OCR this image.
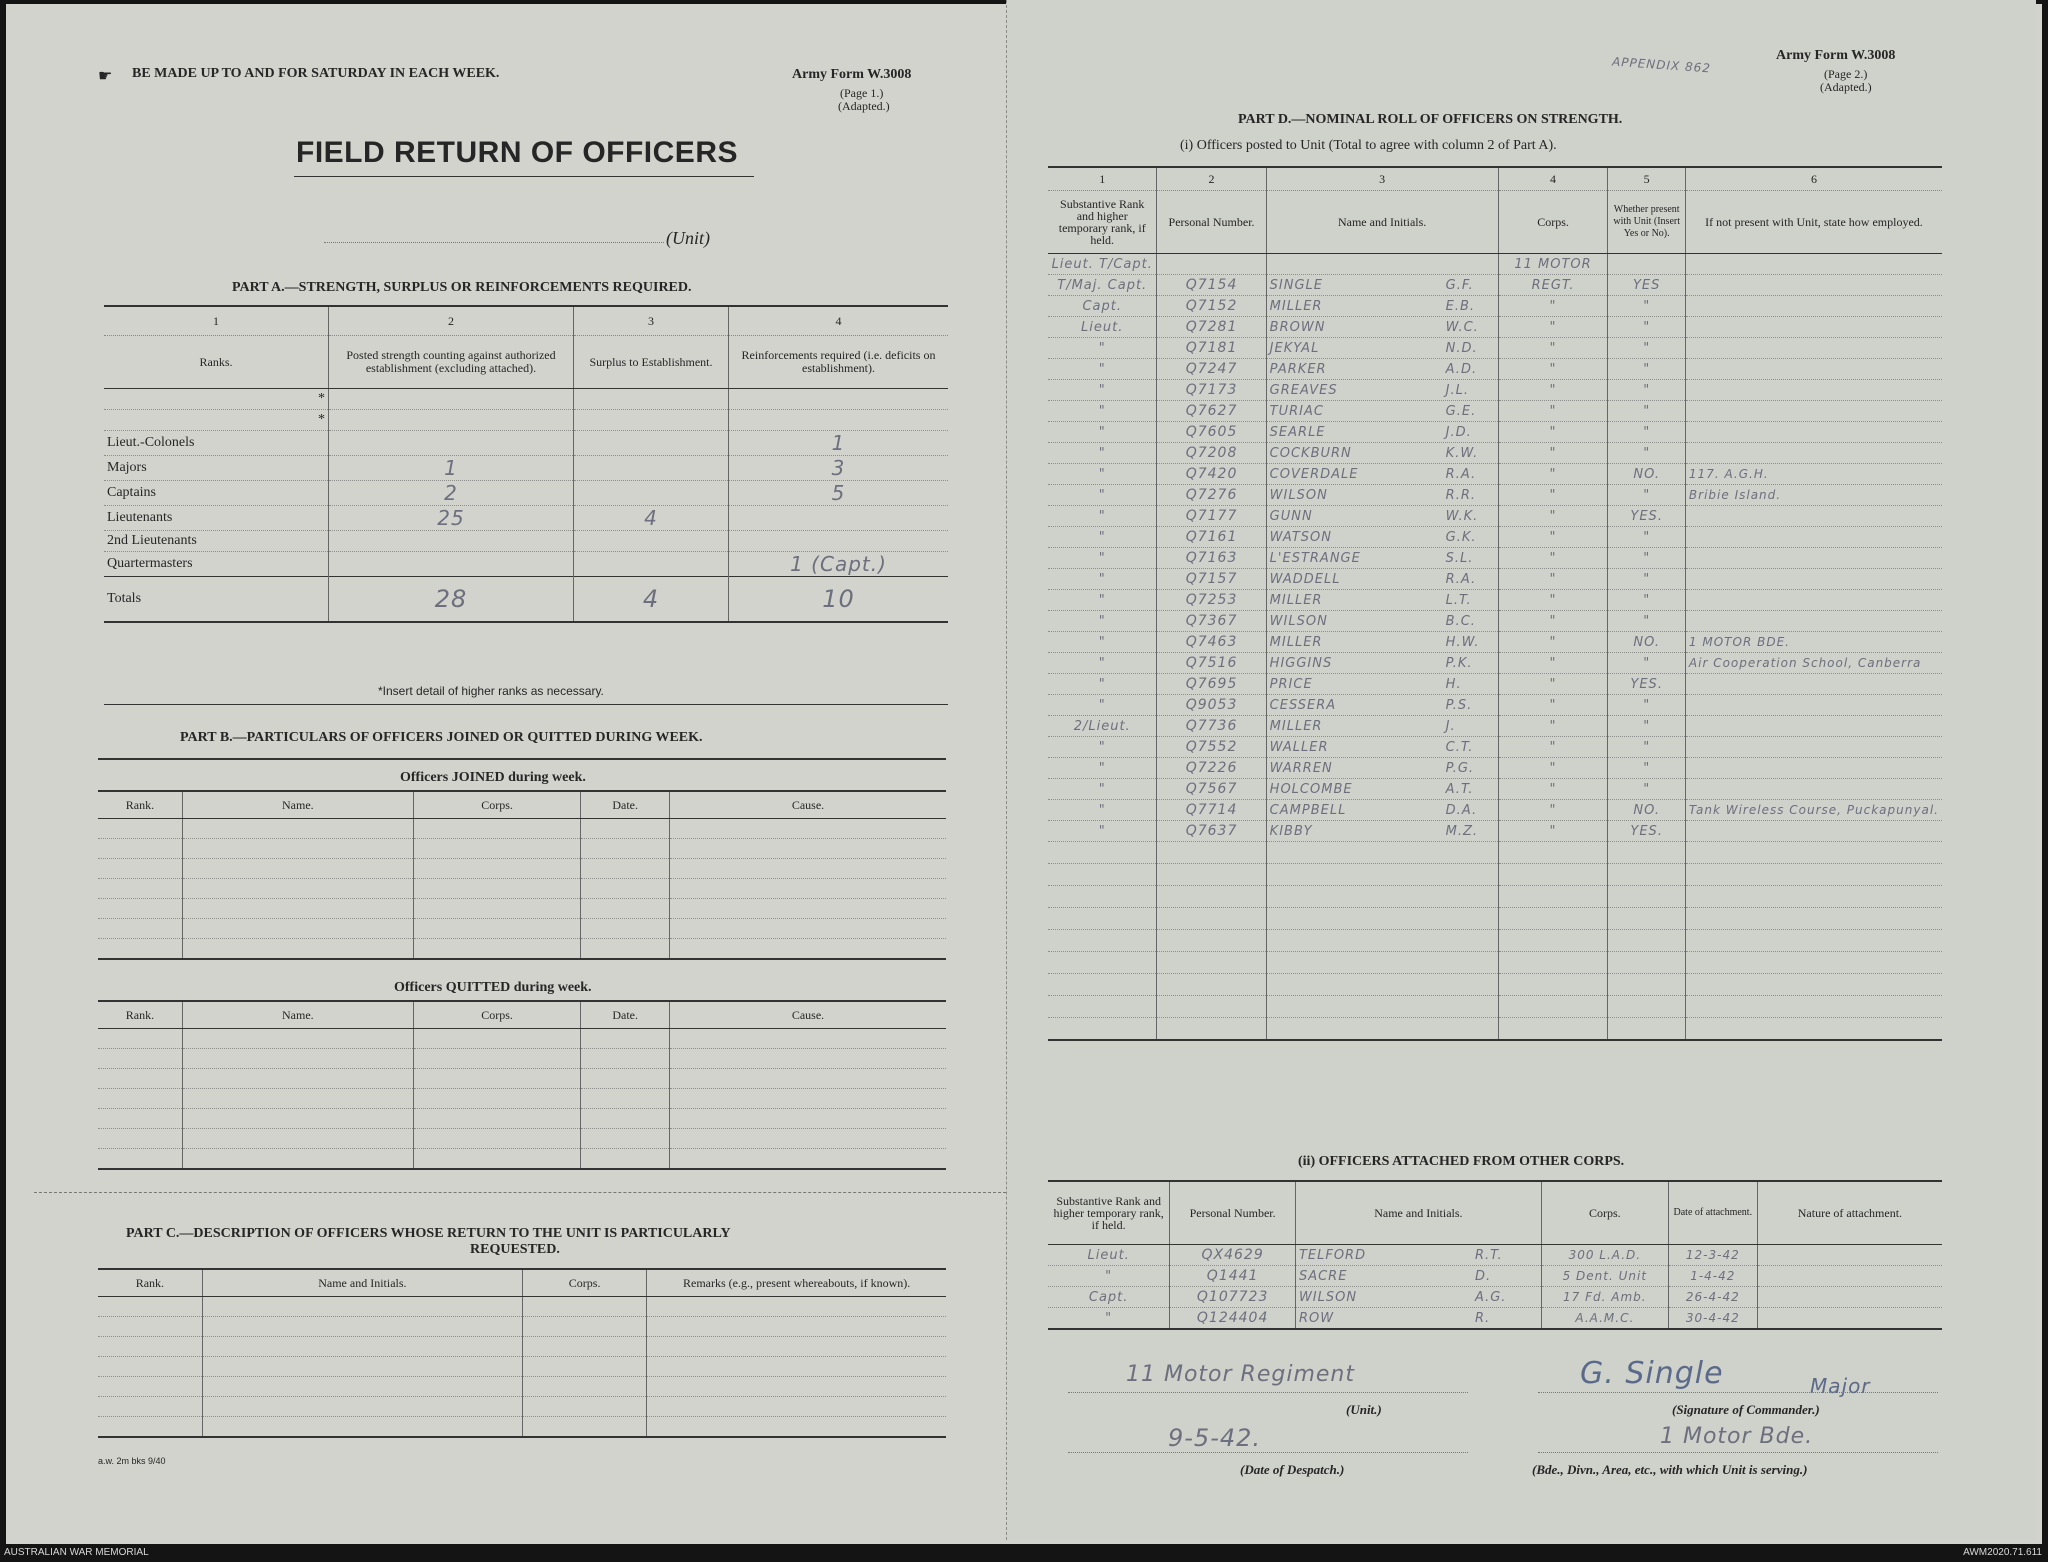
☛ BE MADE UP TO AND FOR SATURDAY IN EACH WEEK.	Army Form W.3008
(Page 1.)
(Adapted.)
FIELD RETURN OF OFFICERS
(Unit)
PART A.—STRENGTH, SURPLUS OR REINFORCEMENTS REQUIRED.
1	2	3	4
Ranks.	Posted strength counting against authorized establishment (excluding attached).	Surplus to Establishment.	Reinforcements required (i.e. deficits on establishment).
*			
*			
Lieut.-Colonels			1
Majors	1		3
Captains	2		5
Lieutenants	25	4	
2nd Lieutenants			
Quartermasters			1 (Capt.)
Totals	28	4	10
*Insert detail of higher ranks as necessary.
PART B.—PARTICULARS OF OFFICERS JOINED OR QUITTED DURING WEEK.
Officers JOINED during week.
Rank.	Name.	Corps.	Date.	Cause.

Officers QUITTED during week.
Rank.	Name.	Corps.	Date.	Cause.

PART C.—DESCRIPTION OF OFFICERS WHOSE RETURN TO THE UNIT IS PARTICULARLY
REQUESTED.
Rank.	Name and Initials.	Corps.	Remarks (e.g., present whereabouts, if known).

a.w. 2m bks 9/40
APPENDIX 862	Army Form W.3008
(Page 2.)
(Adapted.)
PART D.—NOMINAL ROLL OF OFFICERS ON STRENGTH.
(i) Officers posted to Unit (Total to agree with column 2 of Part A).
1	2	3	4	5	6
Substantive Rank and higher temporary rank, if held.	Personal Number.	Name and Initials.	Corps.	Whether present with Unit (Insert Yes or No).	If not present with Unit, state how employed.
Lieut. T/Capt.			11 MOTOR		
T/Maj. Capt.	Q7154	SINGLE G.F.	REGT.	YES	
Capt.	Q7152	MILLER E.B.	"	"	
Lieut.	Q7281	BROWN W.C.	"	"	
"	Q7181	JEKYAL N.D.	"	"	
"	Q7247	PARKER A.D.	"	"	
"	Q7173	GREAVES J.L.	"	"	
"	Q7627	TURIAC G.E.	"	"	
"	Q7605	SEARLE J.D.	"	"	
"	Q7208	COCKBURN K.W.	"	"	
"	Q7420	COVERDALE R.A.	"	NO.	117. A.G.H.
"	Q7276	WILSON R.R.	"	"	Bribie Island.
"	Q7177	GUNN W.K.	"	YES.	
"	Q7161	WATSON G.K.	"	"	
"	Q7163	L'ESTRANGE S.L.	"	"	
"	Q7157	WADDELL R.A.	"	"	
"	Q7253	MILLER L.T.	"	"	
"	Q7367	WILSON B.C.	"	"	
"	Q7463	MILLER H.W.	"	NO.	1 MOTOR BDE.
"	Q7516	HIGGINS P.K.	"	"	Air Cooperation School, Canberra
"	Q7695	PRICE H.	"	YES.	
"	Q9053	CESSERA P.S.	"	"	
2/Lieut.	Q7736	MILLER J.	"	"	
"	Q7552	WALLER C.T.	"	"	
"	Q7226	WARREN P.G.	"	"	
"	Q7567	HOLCOMBE A.T.	"	"	
"	Q7714	CAMPBELL D.A.	"	NO.	Tank Wireless Course, Puckapunyal.
"	Q7637	KIBBY M.Z.	"	YES.	

(ii) OFFICERS ATTACHED FROM OTHER CORPS.
Substantive Rank and higher temporary rank, if held.	Personal Number.	Name and Initials.	Corps.	Date of attachment.	Nature of attachment.
Lieut.	QX4629	TELFORD R.T.	300 L.A.D.	12-3-42	
"	Q1441	SACRE D.	5 Dent. Unit	1-4-42	
Capt.	Q107723	WILSON A.G.	17 Fd. Amb.	26-4-42	
"	Q124404	ROW R.	A.A.M.C.	30-4-42	
11 Motor Regiment
(Unit.)
G. Single	Major
(Signature of Commander.)
9-5-42.
(Date of Despatch.)
1 Motor Bde.
(Bde., Divn., Area, etc., with which Unit is serving.)
AUSTRALIAN WAR MEMORIAL	AWM2020.71.611
